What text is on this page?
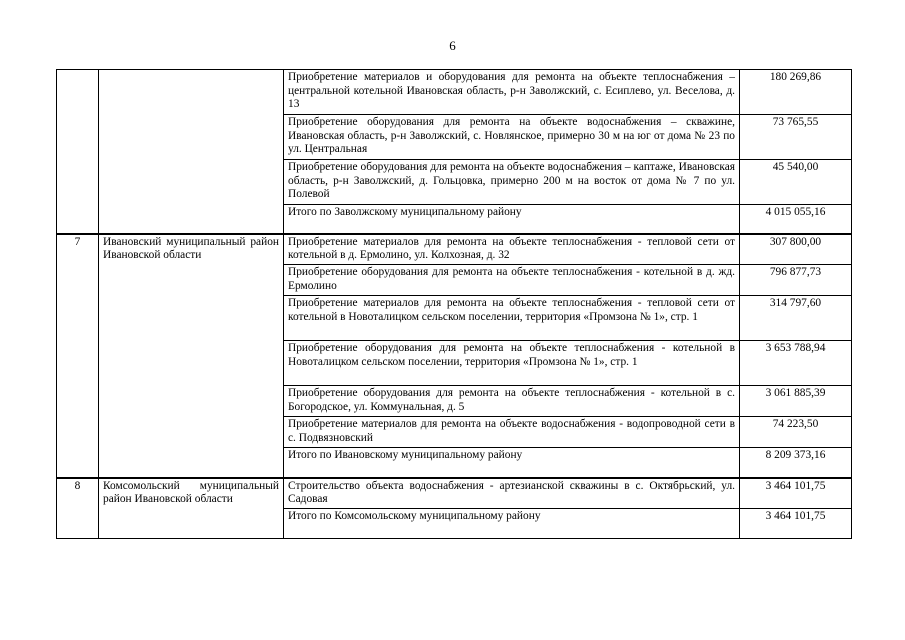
6
		Приобретение материалов и оборудования для ремонта на объекте теплоснабжения – центральной котельной Ивановская область, р-н Заволжский, с. Есиплево, ул. Веселова, д. 13	180 269,86
		Приобретение оборудования для ремонта на объекте водоснабжения – скважине, Ивановская область, р-н Заволжский, с. Новлянское, примерно 30 м на юг от дома № 23 по ул. Центральная	73 765,55
		Приобретение оборудования для ремонта на объекте водоснабжения – каптаже, Ивановская область, р-н Заволжский, д. Гольцовка, примерно 200 м на восток от дома № 7 по ул. Полевой	45 540,00
		Итого по Заволжскому муниципальному району	4 015 055,16
7	Ивановский муниципальный район Ивановской области	Приобретение материалов для ремонта на объекте теплоснабжения - тепловой сети от котельной в д. Ермолино, ул. Колхозная, д. 32	307 800,00
		Приобретение оборудования для ремонта на объекте теплоснабжения - котельной в д. жд. Ермолино	796 877,73
		Приобретение материалов для ремонта на объекте теплоснабжения - тепловой сети от котельной в Новоталицком сельском поселении, территория «Промзона № 1», стр. 1	314 797,60
		Приобретение оборудования для ремонта на объекте теплоснабжения - котельной в Новоталицком сельском поселении, территория «Промзона № 1», стр. 1	3 653 788,94
		Приобретение оборудования для ремонта на объекте теплоснабжения - котельной в с. Богородское, ул. Коммунальная, д. 5	3 061 885,39
		Приобретение материалов для ремонта на объекте водоснабжения - водопроводной сети в с. Подвязновский	74 223,50
		Итого по Ивановскому муниципальному району	8 209 373,16
8	Комсомольский муниципальный район Ивановской области	Строительство объекта водоснабжения - артезианской скважины в с. Октябрьский, ул. Садовая	3 464 101,75
		Итого по Комсомольскому муниципальному району	3 464 101,75
